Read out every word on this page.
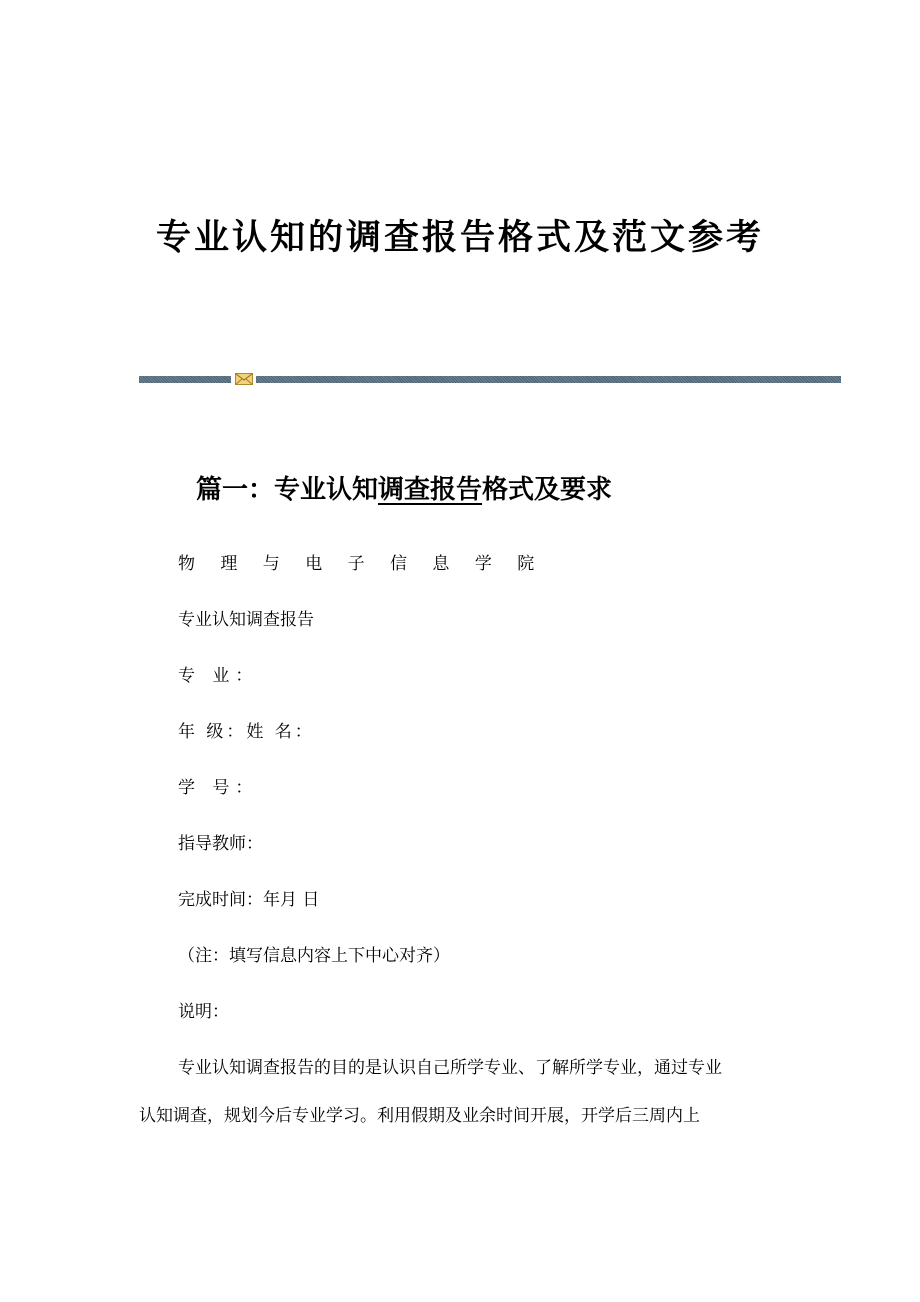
专业认知的调查报告格式及范文参考
篇一：专业认知调查报告格式及要求
物 理 与 电 子 信 息 学 院
专业认知调查报告
专 业：
年 级：姓 名：
学 号：
指导教师：
完成时间：年月 日
（注：填写信息内容上下中心对齐）
说明：
专业认知调查报告的目的是认识自己所学专业、了解所学专业，通过专业
认知调查，规划今后专业学习。利用假期及业余时间开展，开学后三周内上
